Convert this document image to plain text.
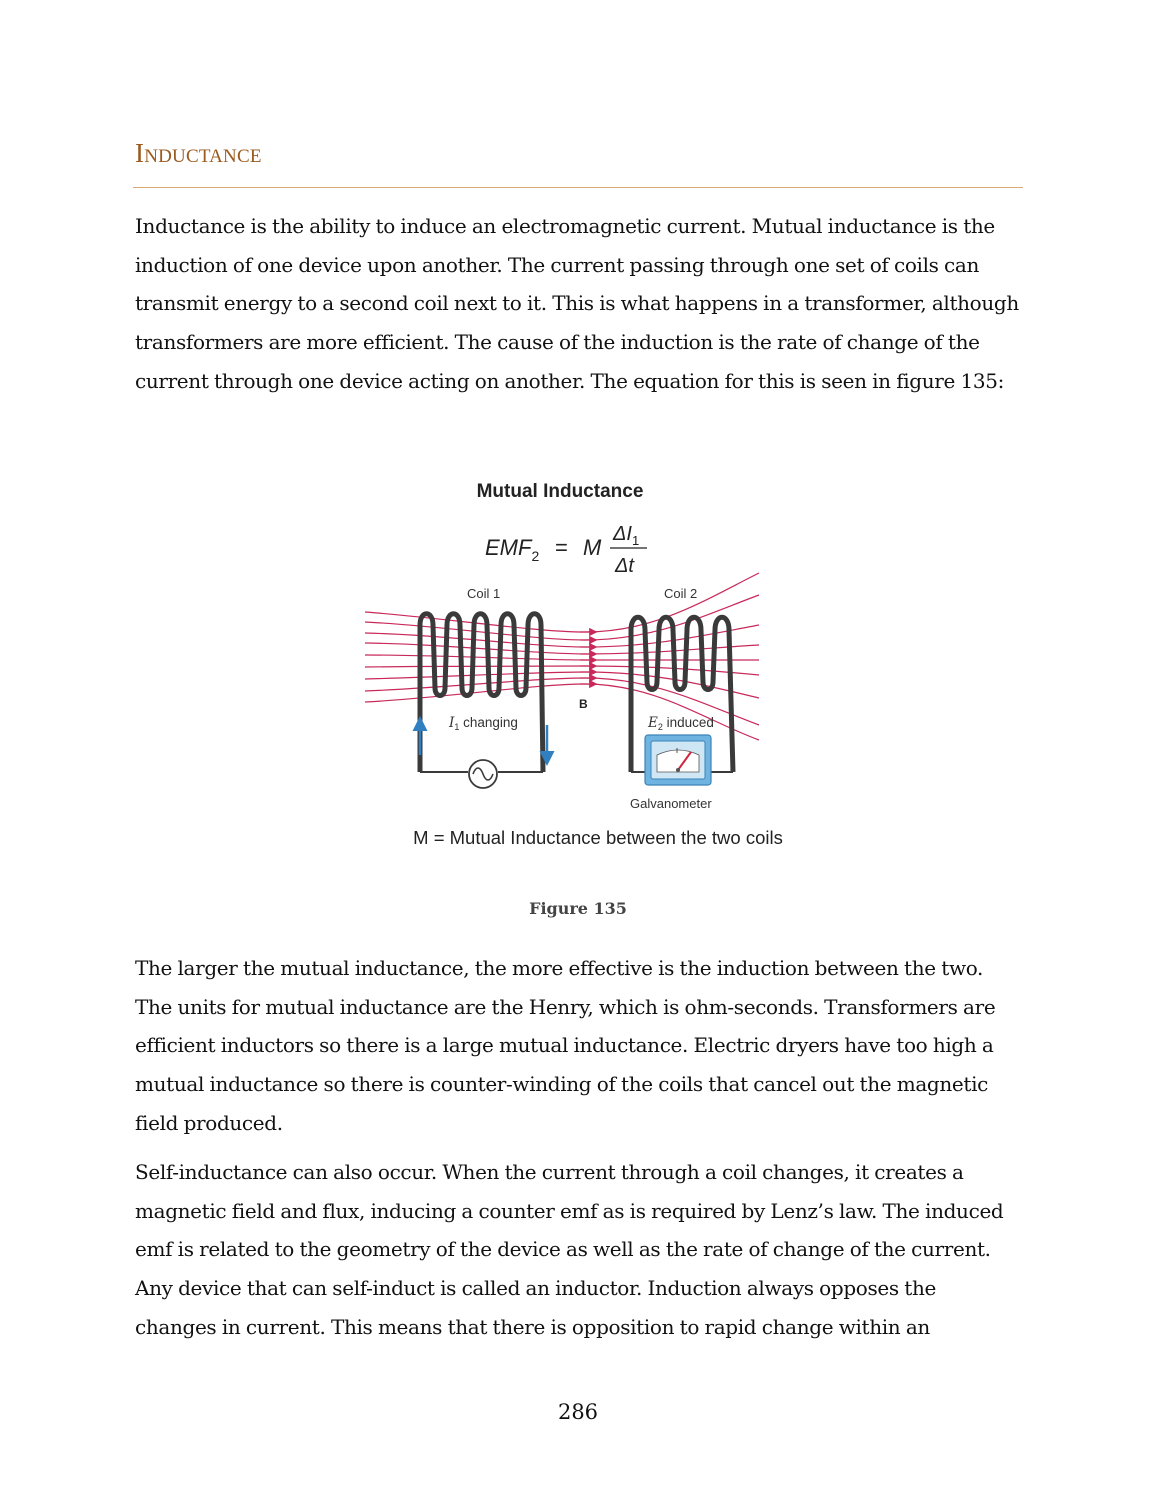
Inductance

Inductance is the ability to induce an electromagnetic current. Mutual inductance is the induction of one device upon another. The current passing through one set of coils can transmit energy to a second coil next to it. This is what happens in a transformer, although transformers are more efficient. The cause of the induction is the rate of change of the current through one device acting on another. The equation for this is seen in figure 135:

Mutual Inductance
$EMF_2 = M$
$\Delta I_1$
Δt
Coil 1	Coil 2
B
$I_1$ changing	$E_2$ induced
Galvanometer
M = Mutual Inductance between the two coils
Figure 135

The larger the mutual inductance, the more effective is the induction between the two. The units for mutual inductance are the Henry, which is ohm-seconds. Transformers are efficient inductors so there is a large mutual inductance. Electric dryers have too high a mutual inductance so there is counter-winding of the coils that cancel out the magnetic field produced.

Self-inductance can also occur. When the current through a coil changes, it creates a magnetic field and flux, inducing a counter emf as is required by Lenz’s law. The induced emf is related to the geometry of the device as well as the rate of change of the current. Any device that can self-induct is called an inductor. Induction always opposes the changes in current. This means that there is opposition to rapid change within an

286
